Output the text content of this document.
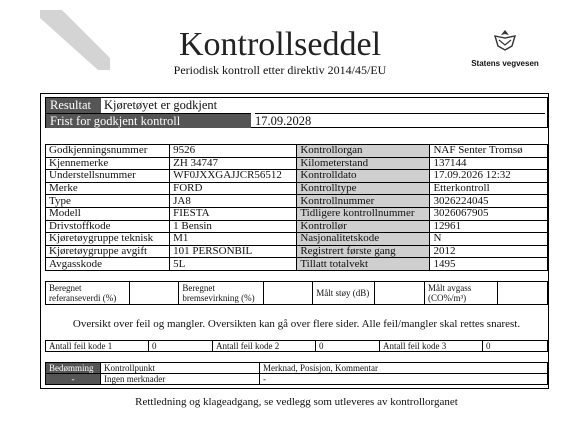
Kontrollseddel
Periodisk kontroll etter direktiv 2014/45/EU	Statens vegvesen
Resultat	Kjøretøyet er godkjent
Frist for godkjent kontroll	17.09.2028
Godkjenningsnummer	9526	Kontrollorgan	NAF Senter Tromsø
Kjennemerke	ZH 34747	Kilometerstand	137144
Understellsnummer	WF0JXXGAJJCR56512	Kontrolldato	17.09.2026 12:32
Merke	FORD	Kontrolltype	Etterkontroll
Type	JA8	Kontrollnummer	3026224045
Modell	FIESTA	Tidligere kontrollnummer	3026067905
Drivstoffkode	1 Bensin	Kontrollør	12961
Kjøretøygruppe teknisk	M1	Nasjonalitetskode	N
Kjøretøygruppe avgift	101 PERSONBIL	Registrert første gang	2012
Avgasskode	5L	Tillatt totalvekt	1495
Beregnet referanseverdi (%)		Beregnet bremsevirkning (%)		Målt støy (dB)		Målt avgass (CO%/m³)	
Oversikt over feil og mangler. Oversikten kan gå over flere sider. Alle feil/mangler skal rettes snarest.
Antall feil kode 1	0	Antall feil kode 2	0	Antall feil kode 3	0
Bedømming	Kontrollpunkt	Merknad, Posisjon, Kommentar
-	Ingen merknader	-
Rettledning og klageadgang, se vedlegg som utleveres av kontrollorganet
